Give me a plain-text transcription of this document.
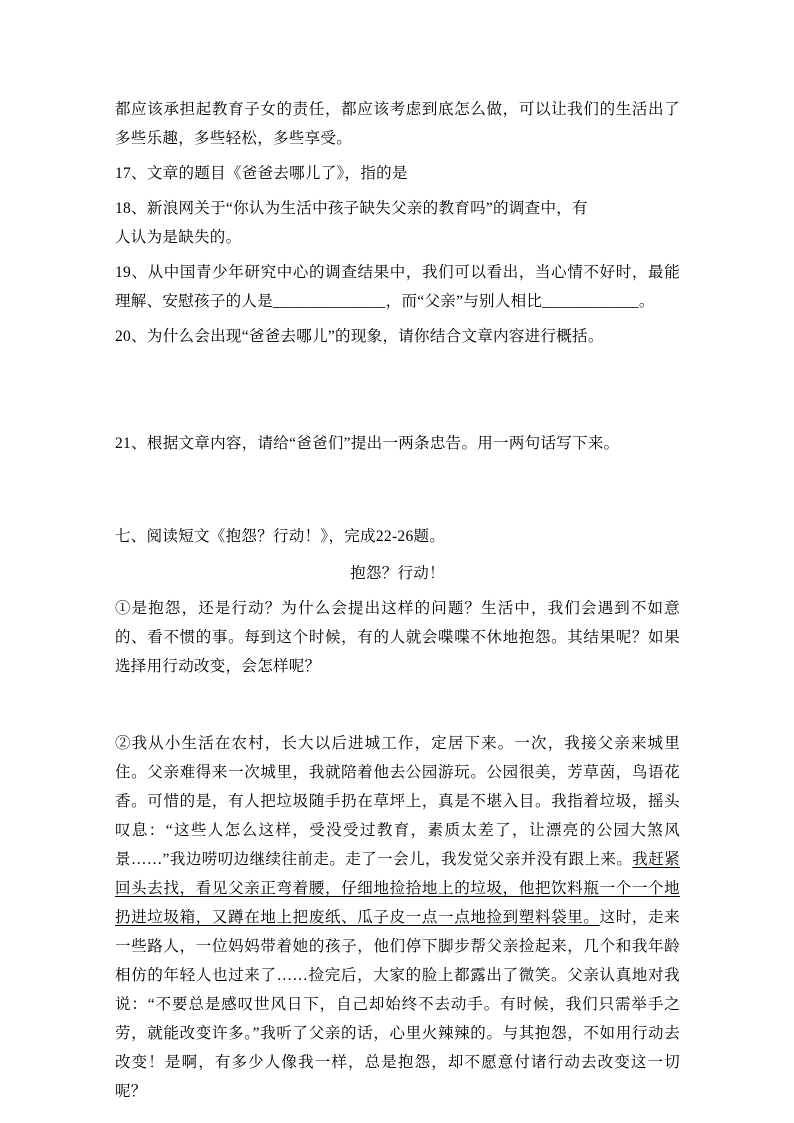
都应该承担起教育子女的责任，都应该考虑到底怎么做，可以让我们的生活出了多些乐趣，多些轻松，多些享受。
17、文章的题目《爸爸去哪儿了》，指的是
18、新浪网关于“你认为生活中孩子缺失父亲的教育吗”的调查中，有
人认为是缺失的。
19、从中国青少年研究中心的调查结果中，我们可以看出，当心情不好时，最能理解、安慰孩子的人是______________，而“父亲”与别人相比____________。
20、为什么会出现“爸爸去哪儿”的现象，请你结合文章内容进行概括。
21、根据文章内容，请给“爸爸们”提出一两条忠告。用一两句话写下来。
七、阅读短文《抱怨？行动！》，完成22-26题。
抱怨？行动！
①是抱怨，还是行动？为什么会提出这样的问题？生活中，我们会遇到不如意的、看不惯的事。每到这个时候，有的人就会喋喋不休地抱怨。其结果呢？如果选择用行动改变，会怎样呢？
②我从小生活在农村，长大以后进城工作，定居下来。一次，我接父亲来城里住。父亲难得来一次城里，我就陪着他去公园游玩。公园很美，芳草茵，鸟语花香。可惜的是，有人把垃圾随手扔在草坪上，真是不堪入目。我指着垃圾，摇头叹息：“这些人怎么这样，受没受过教育，素质太差了，让漂亮的公园大煞风景……”我边唠叨边继续往前走。走了一会儿，我发觉父亲并没有跟上来。我赶紧回头去找，看见父亲正弯着腰，仔细地捡拾地上的垃圾，他把饮料瓶一个一个地扔进垃圾箱，又蹲在地上把废纸、瓜子皮一点一点地捡到塑料袋里。这时，走来一些路人，一位妈妈带着她的孩子，他们停下脚步帮父亲捡起来，几个和我年龄相仿的年轻人也过来了……捡完后，大家的脸上都露出了微笑。父亲认真地对我说：“不要总是感叹世风日下，自己却始终不去动手。有时候，我们只需举手之劳，就能改变许多。”我听了父亲的话，心里火辣辣的。与其抱怨，不如用行动去改变！是啊，有多少人像我一样，总是抱怨，却不愿意付诸行动去改变这一切呢？
